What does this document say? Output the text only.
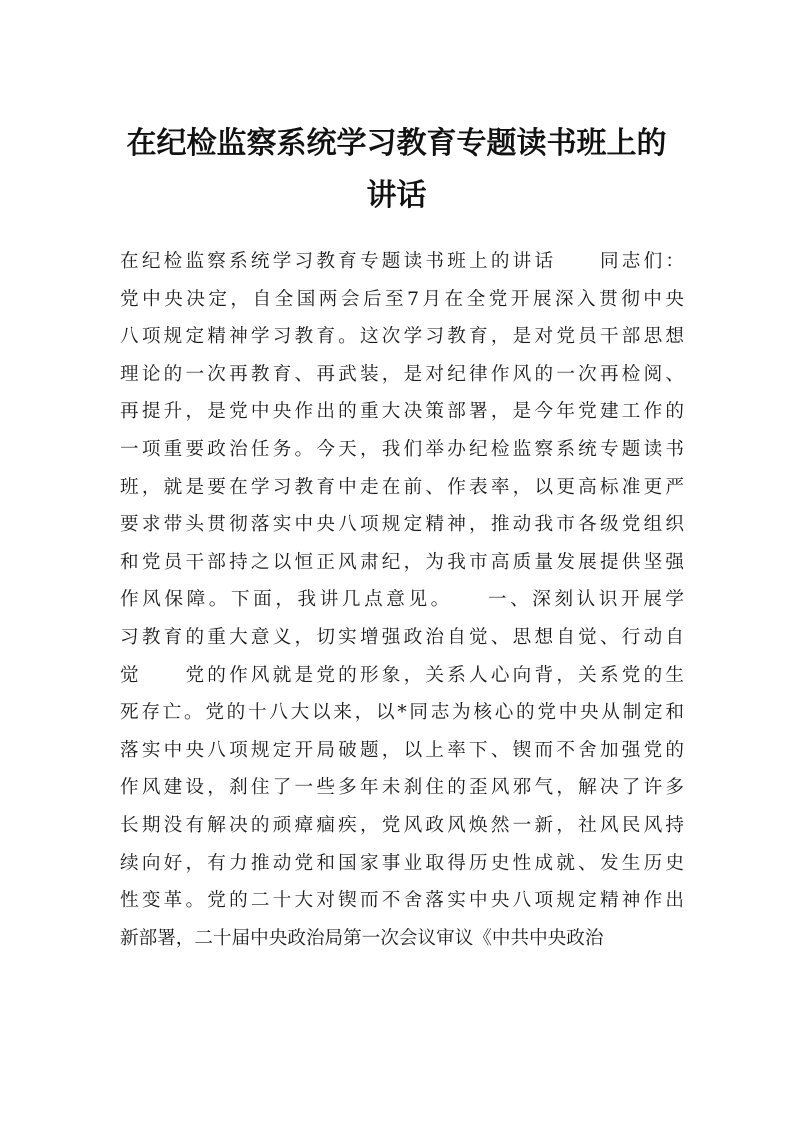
在纪检监察系统学习教育专题读书班上的
讲话
在纪检监察系统学习教育专题读书班上的讲话　　同志们：
党中央决定，自全国两会后至7月在全党开展深入贯彻中央
八项规定精神学习教育。这次学习教育，是对党员干部思想
理论的一次再教育、再武装，是对纪律作风的一次再检阅、
再提升，是党中央作出的重大决策部署，是今年党建工作的
一项重要政治任务。今天，我们举办纪检监察系统专题读书
班，就是要在学习教育中走在前、作表率，以更高标准更严
要求带头贯彻落实中央八项规定精神，推动我市各级党组织
和党员干部持之以恒正风肃纪，为我市高质量发展提供坚强
作风保障。下面，我讲几点意见。　　一、深刻认识开展学
习教育的重大意义，切实增强政治自觉、思想自觉、行动自
觉　　党的作风就是党的形象，关系人心向背，关系党的生
死存亡。党的十八大以来，以*同志为核心的党中央从制定和
落实中央八项规定开局破题，以上率下、锲而不舍加强党的
作风建设，刹住了一些多年未刹住的歪风邪气，解决了许多
长期没有解决的顽瘴痼疾，党风政风焕然一新，社风民风持
续向好，有力推动党和国家事业取得历史性成就、发生历史
性变革。党的二十大对锲而不舍落实中央八项规定精神作出
新部署，二十届中央政治局第一次会议审议《中共中央政治
